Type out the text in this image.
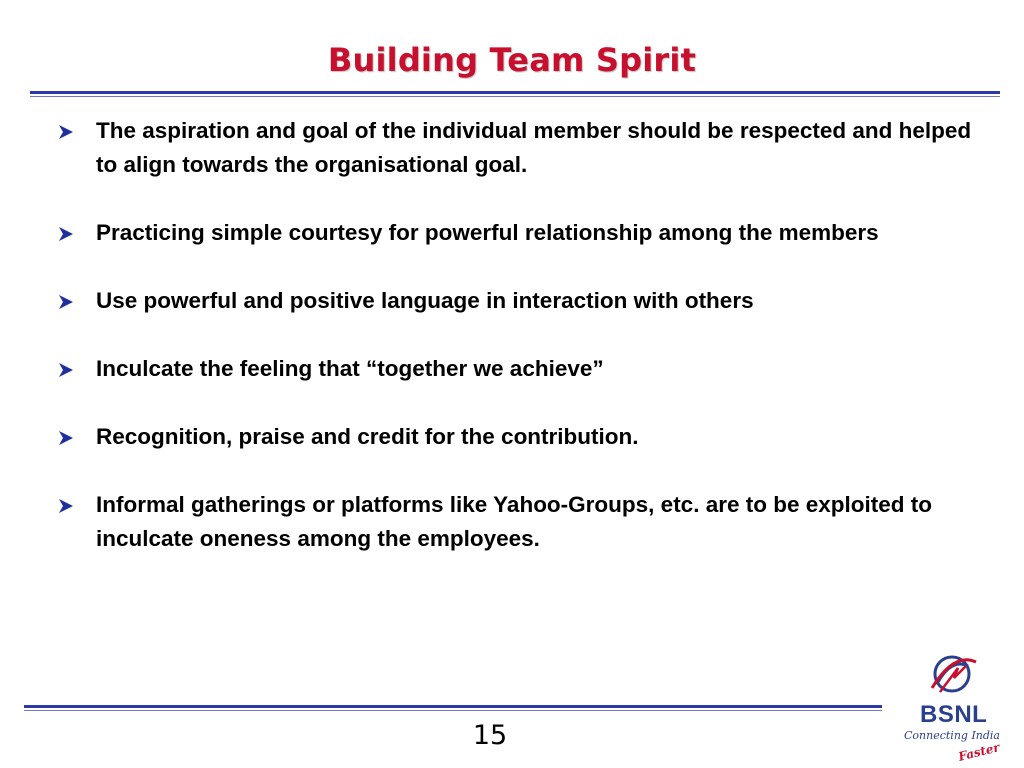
Building Team Spirit
The aspiration and goal of the individual member should be respected and helped to align towards the organisational goal.
Practicing simple courtesy for powerful relationship among the members
Use powerful and positive language in interaction with others
Inculcate the feeling that “together we achieve”
Recognition, praise and credit for the contribution.
Informal gatherings or platforms like Yahoo-Groups, etc. are to be exploited to inculcate oneness among the employees.
15
BSNL
Connecting India
Faster
